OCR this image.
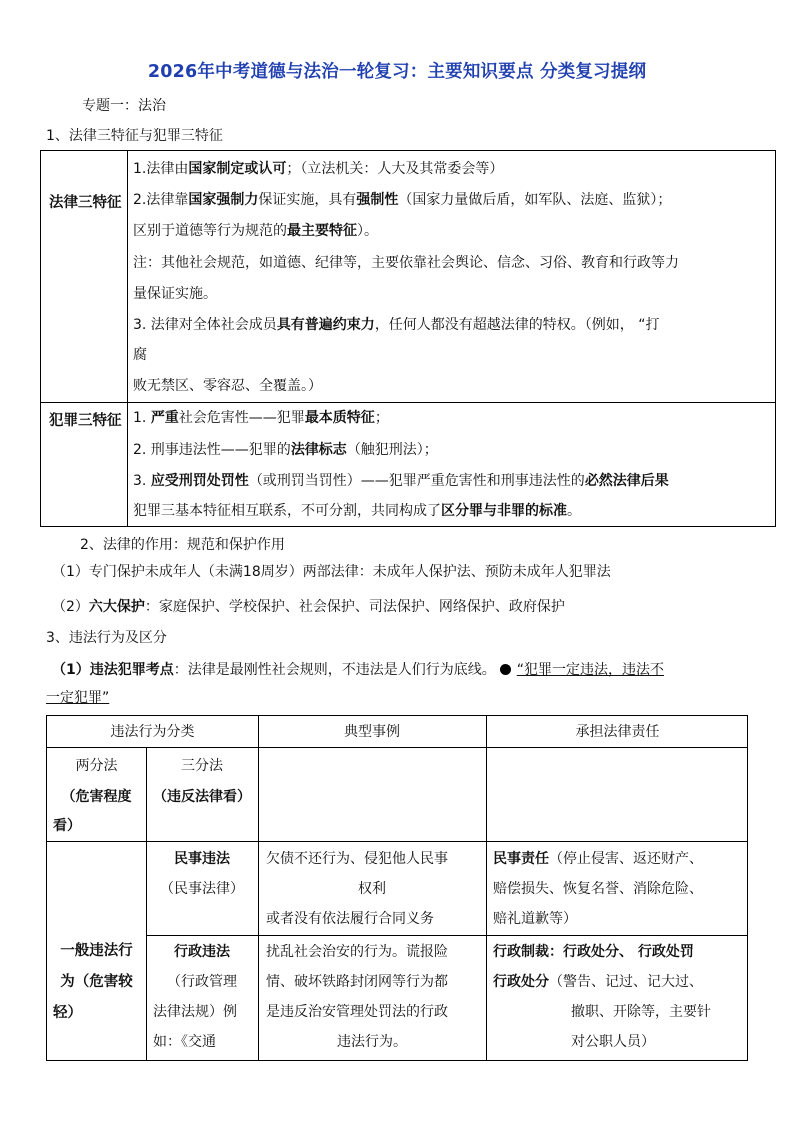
2026年中考道德与法治一轮复习：主要知识要点 分类复习提纲
专题一：法治
1、法律三特征与犯罪三特征
法律三特征
犯罪三特征
1.法律由国家制定或认可；（立法机关：人大及其常委会等）
2.法律靠国家强制力保证实施，具有强制性（国家力量做后盾，如军队、法庭、监狱）；
区别于道德等行为规范的最主要特征）。
注：其他社会规范，如道德、纪律等，主要依靠社会舆论、信念、习俗、教育和行政等力
量保证实施。
3. 法律对全体社会成员具有普遍约束力，任何人都没有超越法律的特权。（例如， “打
腐
败无禁区、零容忍、全覆盖。）
1. 严重社会危害性——犯罪最本质特征；
2. 刑事违法性——犯罪的法律标志（触犯刑法）；
3. 应受刑罚处罚性（或刑罚当罚性）——犯罪严重危害性和刑事违法性的必然法律后果
犯罪三基本特征相互联系，不可分割，共同构成了区分罪与非罪的标准。
2、法律的作用：规范和保护作用
（1）专门保护未成年人（未满18周岁）两部法律：未成年人保护法、预防未成年人犯罪法
（2）六大保护：家庭保护、学校保护、社会保护、司法保护、网络保护、政府保护
3、违法行为及区分
（1）违法犯罪考点：法律是最刚性社会规则，不违法是人们行为底线。 “犯罪一定违法，违法不
一定犯罪”
违法行为分类	典型事例	承担法律责任
两分法
（危害程度
看）
三分法
（违反法律看）
一般违法行
为（危害较
轻）
民事违法
（民事法律）
欠债不还行为、侵犯他人民事
权利
或者没有依法履行合同义务
民事责任（停止侵害、返还财产、
赔偿损失、恢复名誉、消除危险、
赔礼道歉等）
行政违法
（行政管理
法律法规）例
如：《交通
扰乱社会治安的行为。谎报险
情、破坏铁路封闭网等行为都
是违反治安管理处罚法的行政
违法行为。
行政制裁：行政处分、 行政处罚
行政处分（警告、记过、记大过、
撤职、开除等，主要针
对公职人员）
